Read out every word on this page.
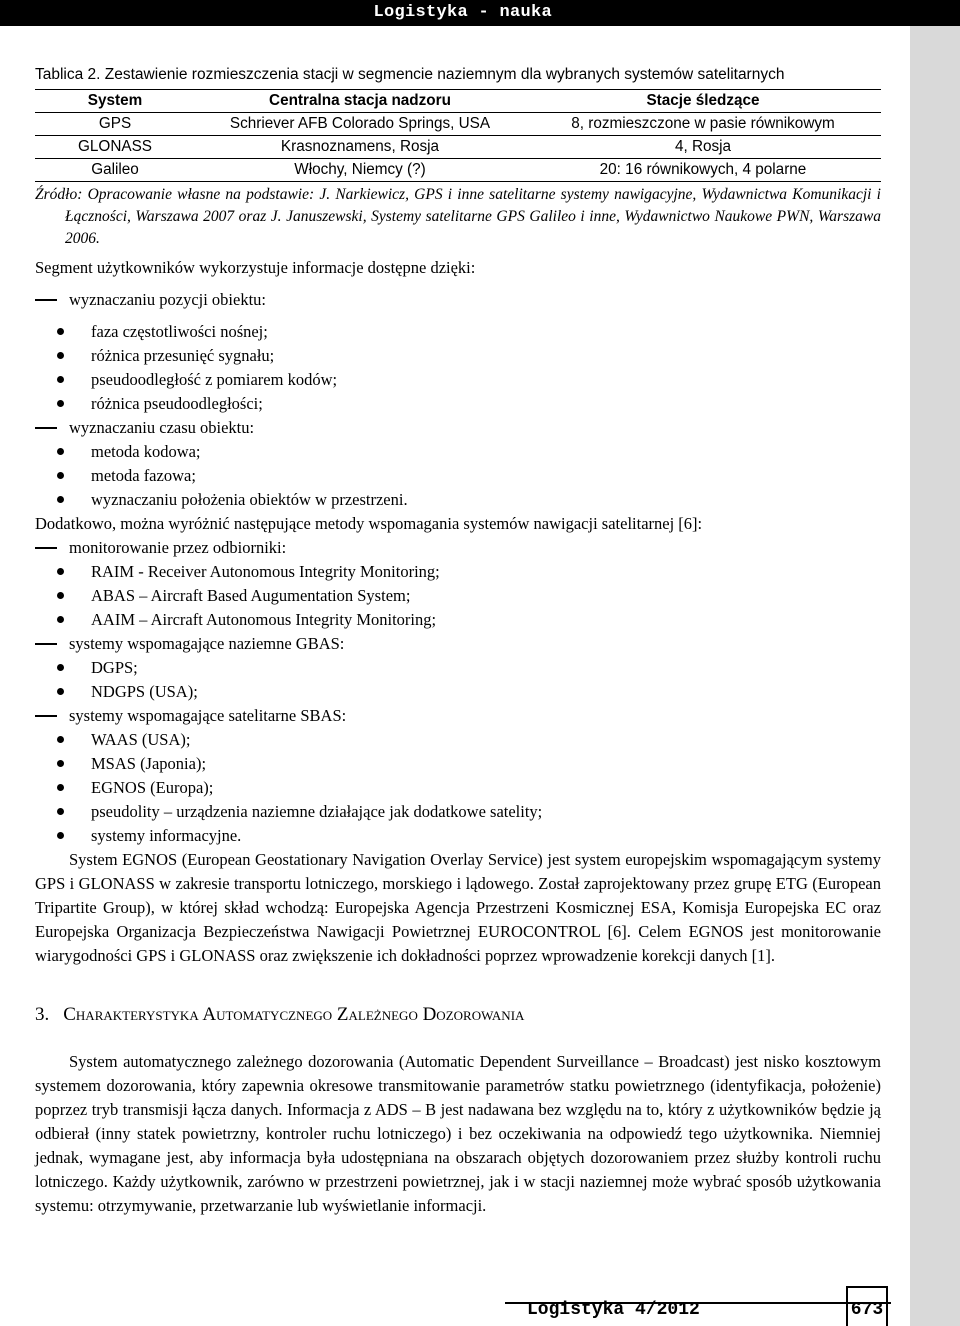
Logistyka - nauka

Tablica 2. Zestawienie rozmieszczenia stacji w segmencie naziemnym dla wybranych systemów satelitarnych

System	Centralna stacja nadzoru	Stacje śledzące
GPS	Schriever AFB Colorado Springs, USA	8, rozmieszczone w pasie równikowym
GLONASS	Krasnoznamens, Rosja	4, Rosja
Galileo	Włochy, Niemcy (?)	20: 16 równikowych, 4 polarne

Źródło: Opracowanie własne na podstawie: J. Narkiewicz, GPS i inne satelitarne systemy nawigacyjne, Wydawnictwa Komunikacji i Łączności, Warszawa 2007 oraz J. Januszewski, Systemy satelitarne GPS Galileo i inne, Wydawnictwo Naukowe PWN, Warszawa 2006.

Segment użytkowników wykorzystuje informacje dostępne dzięki:

wyznaczaniu pozycji obiektu:
faza częstotliwości nośnej;
różnica przesunięć sygnału;
pseudoodległość z pomiarem kodów;
różnica pseudoodległości;
wyznaczaniu czasu obiektu:
metoda kodowa;
metoda fazowa;
wyznaczaniu położenia obiektów w przestrzeni.

Dodatkowo, można wyróżnić następujące metody wspomagania systemów nawigacji satelitarnej [6]:

monitorowanie przez odbiorniki:
RAIM - Receiver Autonomous Integrity Monitoring;
ABAS – Aircraft Based Augumentation System;
AAIM – Aircraft Autonomous Integrity Monitoring;
systemy wspomagające naziemne GBAS:
DGPS;
NDGPS (USA);
systemy wspomagające satelitarne SBAS:
WAAS (USA);
MSAS (Japonia);
EGNOS (Europa);
pseudolity – urządzenia naziemne działające jak dodatkowe satelity;
systemy informacyjne.

System EGNOS (European Geostationary Navigation Overlay Service) jest system europejskim wspomagającym systemy GPS i GLONASS w zakresie transportu lotniczego, morskiego i lądowego. Został zaprojektowany przez grupę ETG (European Tripartite Group), w której skład wchodzą: Europejska Agencja Przestrzeni Kosmicznej ESA, Komisja Europejska EC oraz Europejska Organizacja Bezpieczeństwa Nawigacji Powietrznej EUROCONTROL [6]. Celem EGNOS jest monitorowanie wiarygodności GPS i GLONASS oraz zwiększenie ich dokładności poprzez wprowadzenie korekcji danych [1].

3. Charakterystyka Automatycznego Zależnego Dozorowania

System automatycznego zależnego dozorowania (Automatic Dependent Surveillance – Broadcast) jest nisko kosztowym systemem dozorowania, który zapewnia okresowe transmitowanie parametrów statku powietrznego (identyfikacja, położenie) poprzez tryb transmisji łącza danych. Informacja z ADS – B jest nadawana bez względu na to, który z użytkowników będzie ją odbierał (inny statek powietrzny, kontroler ruchu lotniczego) i bez oczekiwania na odpowiedź tego użytkownika. Niemniej jednak, wymagane jest, aby informacja była udostępniana na obszarach objętych dozorowaniem przez służby kontroli ruchu lotniczego. Każdy użytkownik, zarówno w przestrzeni powietrznej, jak i w stacji naziemnej może wybrać sposób użytkowania systemu: otrzymywanie, przetwarzanie lub wyświetlanie informacji.

Logistyka 4/2012	673
